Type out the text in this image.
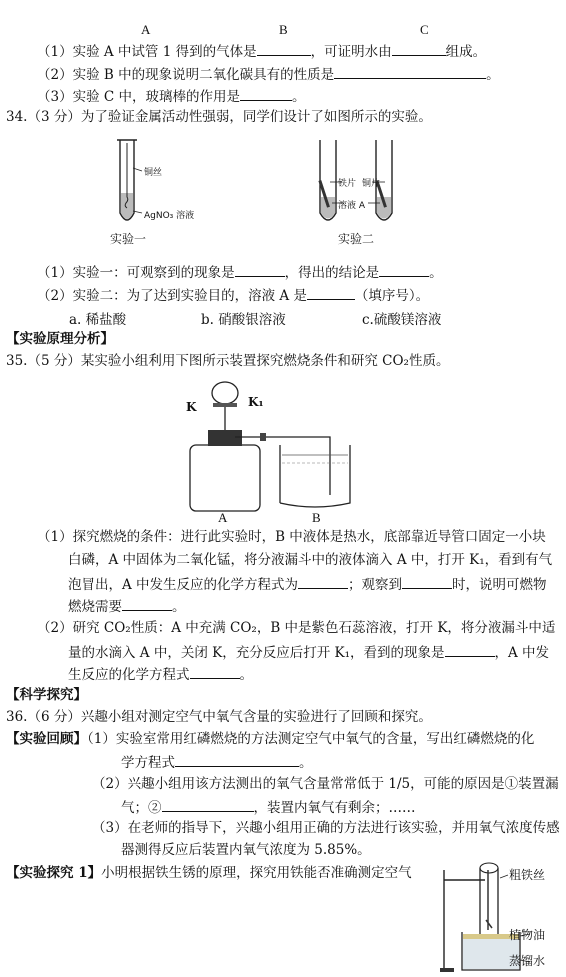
A	B	C
（1）实验 A 中试管 1 得到的气体是	，可证明水由	组成。
（2）实验 B 中的现象说明二氧化碳具有的性质是	。
（3）实验 C 中，玻璃棒的作用是	。
34.（3 分）为了验证金属活动性强弱，同学们设计了如图所示的实验。
铜丝
AgNO₃ 溶液
实验一
铁片 铜片
溶液 A
实验二
（1）实验一：可观察到的现象是	，得出的结论是	。
（2）实验二：为了达到实验目的，溶液 A 是	（填序号）。
a. 稀盐酸	b. 硝酸银溶液	c.硫酸镁溶液
【实验原理分析】
35.（5 分）某实验小组利用下图所示装置探究燃烧条件和研究 CO₂性质。
K	K₁
A	B
（1）探究燃烧的条件：进行此实验时，B 中液体是热水，底部靠近导管口固定一小块
白磷，A 中固体为二氧化锰，将分液漏斗中的液体滴入 A 中，打开 K₁，看到有气
泡冒出，A 中发生反应的化学方程式为	；观察到	时，说明可燃物
燃烧需要	。
（2）研究 CO₂性质：A 中充满 CO₂，B 中是紫色石蕊溶液，打开 K，将分液漏斗中适
量的水滴入 A 中，关闭 K，充分反应后打开 K₁，看到的现象是	，A 中发
生反应的化学方程式	。
【科学探究】
36.（6 分）兴趣小组对测定空气中氧气含量的实验进行了回顾和探究。
【实验回顾】（1）实验室常用红磷燃烧的方法测定空气中氧气的含量，写出红磷燃烧的化
学方程式	。
（2）兴趣小组用该方法测出的氧气含量常常低于 1/5，可能的原因是①装置漏
气；②	，装置内氧气有剩余；……
（3）在老师的指导下，兴趣小组用正确的方法进行该实验，并用氧气浓度传感
器测得反应后装置内氧气浓度为 5.85%。
【实验探究 1】小明根据铁生锈的原理，探究用铁能否准确测定空气	粗铁丝
植物油
蒸馏水
